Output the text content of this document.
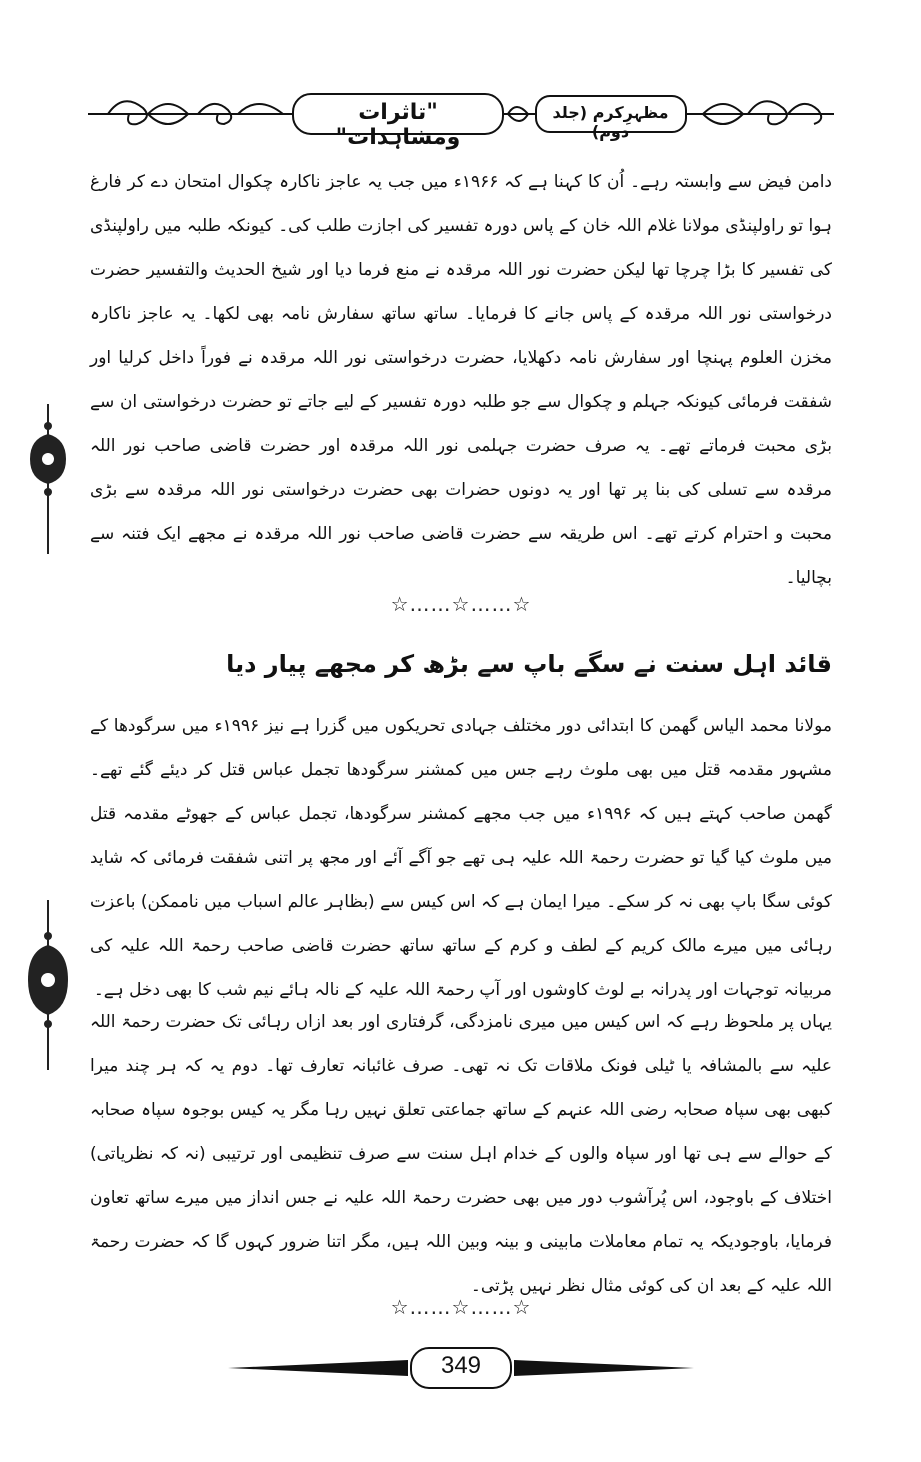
"تاثرات ومشاہدات"
مظہرِکرم (جلد دوم)
دامن فیض سے وابستہ رہے۔ اُن کا کہنا ہے کہ ۱۹۶۶ء میں جب یہ عاجز ناکارہ چکوال امتحان دے کر فارغ ہوا تو راولپنڈی مولانا غلام اللہ خان کے پاس دورہ تفسیر کی اجازت طلب کی۔ کیونکہ طلبہ میں راولپنڈی کی تفسیر کا بڑا چرچا تھا لیکن حضرت نور اللہ مرقدہ نے منع فرما دیا اور شیخ الحدیث والتفسیر حضرت درخواستی نور اللہ مرقدہ کے پاس جانے کا فرمایا۔ ساتھ ساتھ سفارش نامہ بھی لکھا۔ یہ عاجز ناکارہ مخزن العلوم پہنچا اور سفارش نامہ دکھلایا، حضرت درخواستی نور اللہ مرقدہ نے فوراً داخل کرلیا اور شفقت فرمائی کیونکہ جہلم و چکوال سے جو طلبہ دورہ تفسیر کے لیے جاتے تو حضرت درخواستی ان سے بڑی محبت فرماتے تھے۔ یہ صرف حضرت جہلمی نور اللہ مرقدہ اور حضرت قاضی صاحب نور اللہ مرقدہ سے تسلی کی بنا پر تھا اور یہ دونوں حضرات بھی حضرت درخواستی نور اللہ مرقدہ سے بڑی محبت و احترام کرتے تھے۔ اس طریقہ سے حضرت قاضی صاحب نور اللہ مرقدہ نے مجھے ایک فتنہ سے بچالیا۔
☆……☆……☆
قائد اہل سنت نے سگے باپ سے بڑھ کر مجھے پیار دیا
مولانا محمد الیاس گھمن کا ابتدائی دور مختلف جہادی تحریکوں میں گزرا ہے نیز ۱۹۹۶ء میں سرگودھا کے مشہور مقدمہ قتل میں بھی ملوث رہے جس میں کمشنر سرگودھا تجمل عباس قتل کر دیئے گئے تھے۔ گھمن صاحب کہتے ہیں کہ ۱۹۹۶ء میں جب مجھے کمشنر سرگودھا، تجمل عباس کے جھوٹے مقدمہ قتل میں ملوث کیا گیا تو حضرت رحمۃ اللہ علیہ ہی تھے جو آگے آئے اور مجھ پر اتنی شفقت فرمائی کہ شاید کوئی سگا باپ بھی نہ کر سکے۔ میرا ایمان ہے کہ اس کیس سے (بظاہر عالم اسباب میں ناممکن) باعزت رہائی میں میرے مالک کریم کے لطف و کرم کے ساتھ ساتھ حضرت قاضی صاحب رحمۃ اللہ علیہ کی مربیانہ توجہات اور پدرانہ بے لوث کاوشوں اور آپ رحمۃ اللہ علیہ کے نالہ ہائے نیم شب کا بھی دخل ہے۔
یہاں پر ملحوظ رہے کہ اس کیس میں میری نامزدگی، گرفتاری اور بعد ازاں رہائی تک حضرت رحمۃ اللہ علیہ سے بالمشافہ یا ٹیلی فونک ملاقات تک نہ تھی۔ صرف غائبانہ تعارف تھا۔ دوم یہ کہ ہر چند میرا کبھی بھی سپاہ صحابہ رضی اللہ عنہم کے ساتھ جماعتی تعلق نہیں رہا مگر یہ کیس بوجوہ سپاہ صحابہ کے حوالے سے ہی تھا اور سپاہ والوں کے خدام اہل سنت سے صرف تنظیمی اور ترتیبی (نہ کہ نظریاتی) اختلاف کے باوجود، اس پُرآشوب دور میں بھی حضرت رحمۃ اللہ علیہ نے جس انداز میں میرے ساتھ تعاون فرمایا، باوجودیکہ یہ تمام معاملات مابینی و بینہ وبین اللہ ہیں، مگر اتنا ضرور کہوں گا کہ حضرت رحمۃ اللہ علیہ کے بعد ان کی کوئی مثال نظر نہیں پڑتی۔
☆……☆……☆
349
